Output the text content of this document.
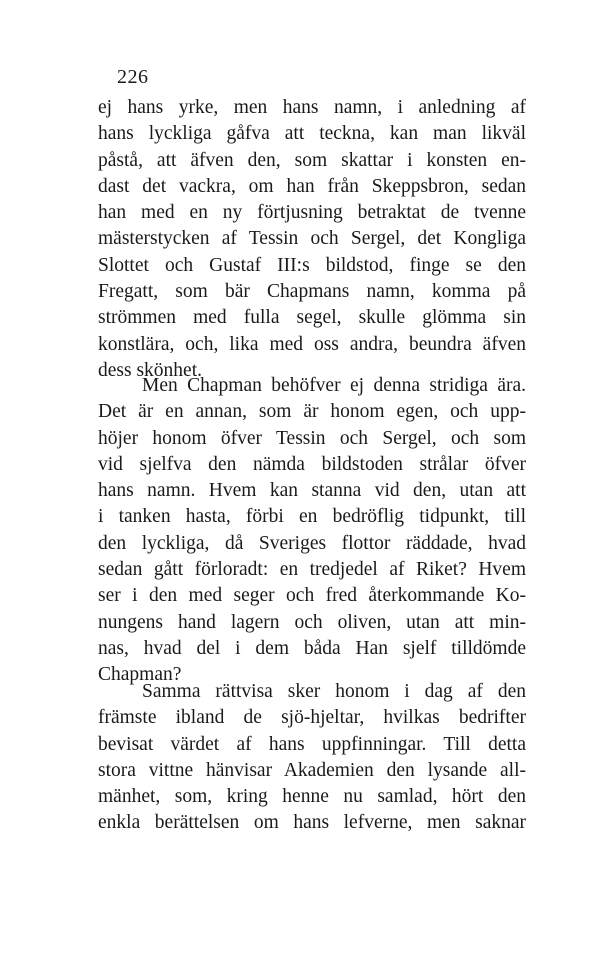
226
ej hans yrke, men hans namn, i anledning af
hans lyckliga gåfva att teckna, kan man likväl
påstå, att äfven den, som skattar i konsten en-
dast det vackra, om han från Skeppsbron, sedan
han med en ny förtjusning betraktat de tvenne
mästerstycken af Tessin och Sergel, det Kongliga
Slottet och Gustaf III:s bildstod, finge se den
Fregatt, som bär Chapmans namn, komma på
strömmen med fulla segel, skulle glömma sin
konstlära, och, lika med oss andra, beundra äfven
dess skönhet.
Men Chapman behöfver ej denna stridiga ära.
Det är en annan, som är honom egen, och upp-
höjer honom öfver Tessin och Sergel, och som
vid sjelfva den nämda bildstoden strålar öfver
hans namn. Hvem kan stanna vid den, utan att
i tanken hasta, förbi en bedröflig tidpunkt, till
den lyckliga, då Sveriges flottor räddade, hvad
sedan gått förloradt: en tredjedel af Riket? Hvem
ser i den med seger och fred återkommande Ko-
nungens hand lagern och oliven, utan att min-
nas, hvad del i dem båda Han sjelf tilldömde
Chapman?
Samma rättvisa sker honom i dag af den
främste ibland de sjö-hjeltar, hvilkas bedrifter
bevisat värdet af hans uppfinningar. Till detta
stora vittne hänvisar Akademien den lysande all-
mänhet, som, kring henne nu samlad, hört den
enkla berättelsen om hans lefverne, men saknar
